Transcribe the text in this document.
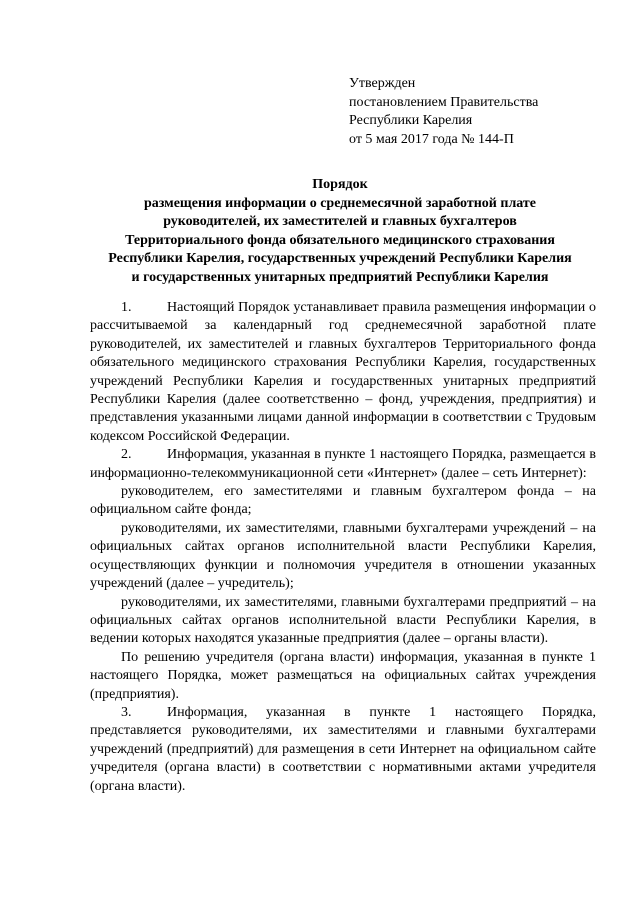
Утвержден
постановлением Правительства
Республики Карелия
от 5 мая 2017 года № 144-П
Порядок
размещения информации о среднемесячной заработной плате
руководителей, их заместителей и главных бухгалтеров
Территориального фонда обязательного медицинского страхования
Республики Карелия, государственных учреждений Республики Карелия
и государственных унитарных предприятий Республики Карелия

1.	Настоящий Порядок устанавливает правила размещения информации о рассчитываемой за календарный год среднемесячной заработной плате руководителей, их заместителей и главных бухгалтеров Территориального фонда обязательного медицинского страхования Республики Карелия, государственных учреждений Республики Карелия и государственных унитарных предприятий Республики Карелия (далее соответственно – фонд, учреждения, предприятия) и представления указанными лицами данной информации в соответствии с Трудовым кодексом Российской Федерации.

2.	Информация, указанная в пункте 1 настоящего Порядка, размещается в информационно-телекоммуникационной сети «Интернет» (далее – сеть Интернет):

руководителем, его заместителями и главным бухгалтером фонда – на официальном сайте фонда;

руководителями, их заместителями, главными бухгалтерами учреждений – на официальных сайтах органов исполнительной власти Республики Карелия, осуществляющих функции и полномочия учредителя в отношении указанных учреждений (далее – учредитель);

руководителями, их заместителями, главными бухгалтерами предприятий – на официальных сайтах органов исполнительной власти Республики Карелия, в ведении которых находятся указанные предприятия (далее – органы власти).

По решению учредителя (органа власти) информация, указанная в пункте 1 настоящего Порядка, может размещаться на официальных сайтах учреждения (предприятия).

3.	Информация, указанная в пункте 1 настоящего Порядка, представляется руководителями, их заместителями и главными бухгалтерами учреждений (предприятий) для размещения в сети Интернет на официальном сайте учредителя (органа власти) в соответствии с нормативными актами учредителя (органа власти).
